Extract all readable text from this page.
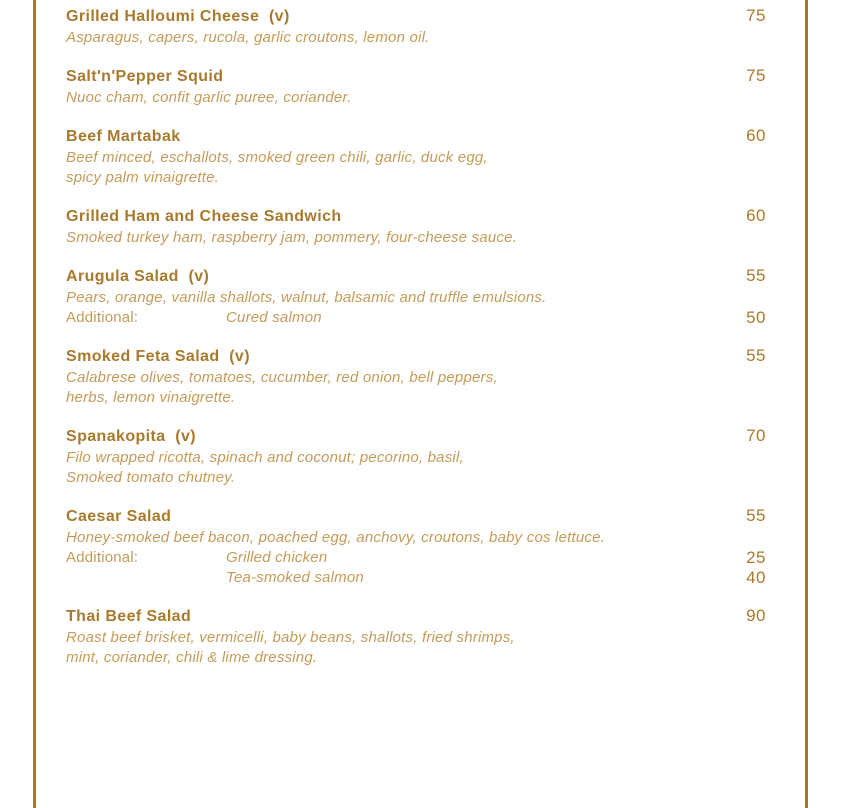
Grilled Halloumi Cheese  (v)	75
Asparagus, capers, rucola, garlic croutons, lemon oil.
Salt'n'Pepper Squid	75
Nuoc cham, confit garlic puree, coriander.
Beef Martabak	60
Beef minced, eschallots, smoked green chili, garlic, duck egg,
spicy palm vinaigrette.
Grilled Ham and Cheese Sandwich	60
Smoked turkey ham, raspberry jam, pommery, four-cheese sauce.
Arugula Salad  (v)	55
Pears, orange, vanilla shallots, walnut, balsamic and truffle emulsions.
Additional:	Cured salmon	50
Smoked Feta Salad  (v)	55
Calabrese olives, tomatoes, cucumber, red onion, bell peppers,
herbs, lemon vinaigrette.
Spanakopita  (v)	70
Filo wrapped ricotta, spinach and coconut; pecorino, basil,
Smoked tomato chutney.
Caesar Salad	55
Honey-smoked beef bacon, poached egg, anchovy, croutons, baby cos lettuce.
Additional:	Grilled chicken	25
Tea-smoked salmon	40
Thai Beef Salad	90
Roast beef brisket, vermicelli, baby beans, shallots, fried shrimps,
mint, coriander, chili & lime dressing.
